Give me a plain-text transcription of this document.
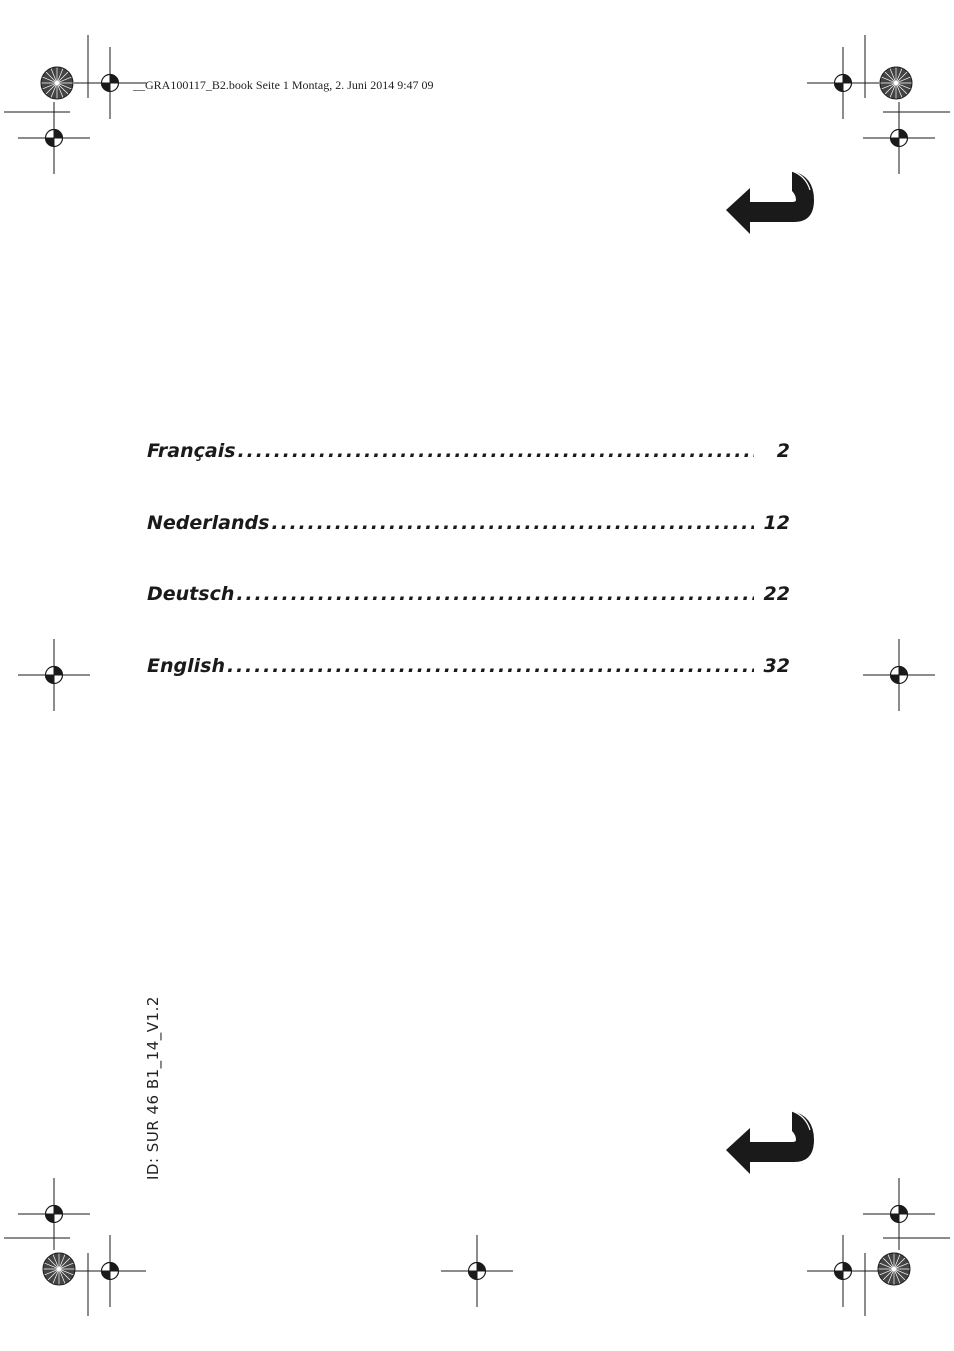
__GRA100117_B2.book Seite 1 Montag, 2. Juni 2014 9:47 09
Français . . .	2
Nederlands . . .	12
Deutsch . . .	22
English . . .	32
ID: SUR 46 B1_14_V1.2
